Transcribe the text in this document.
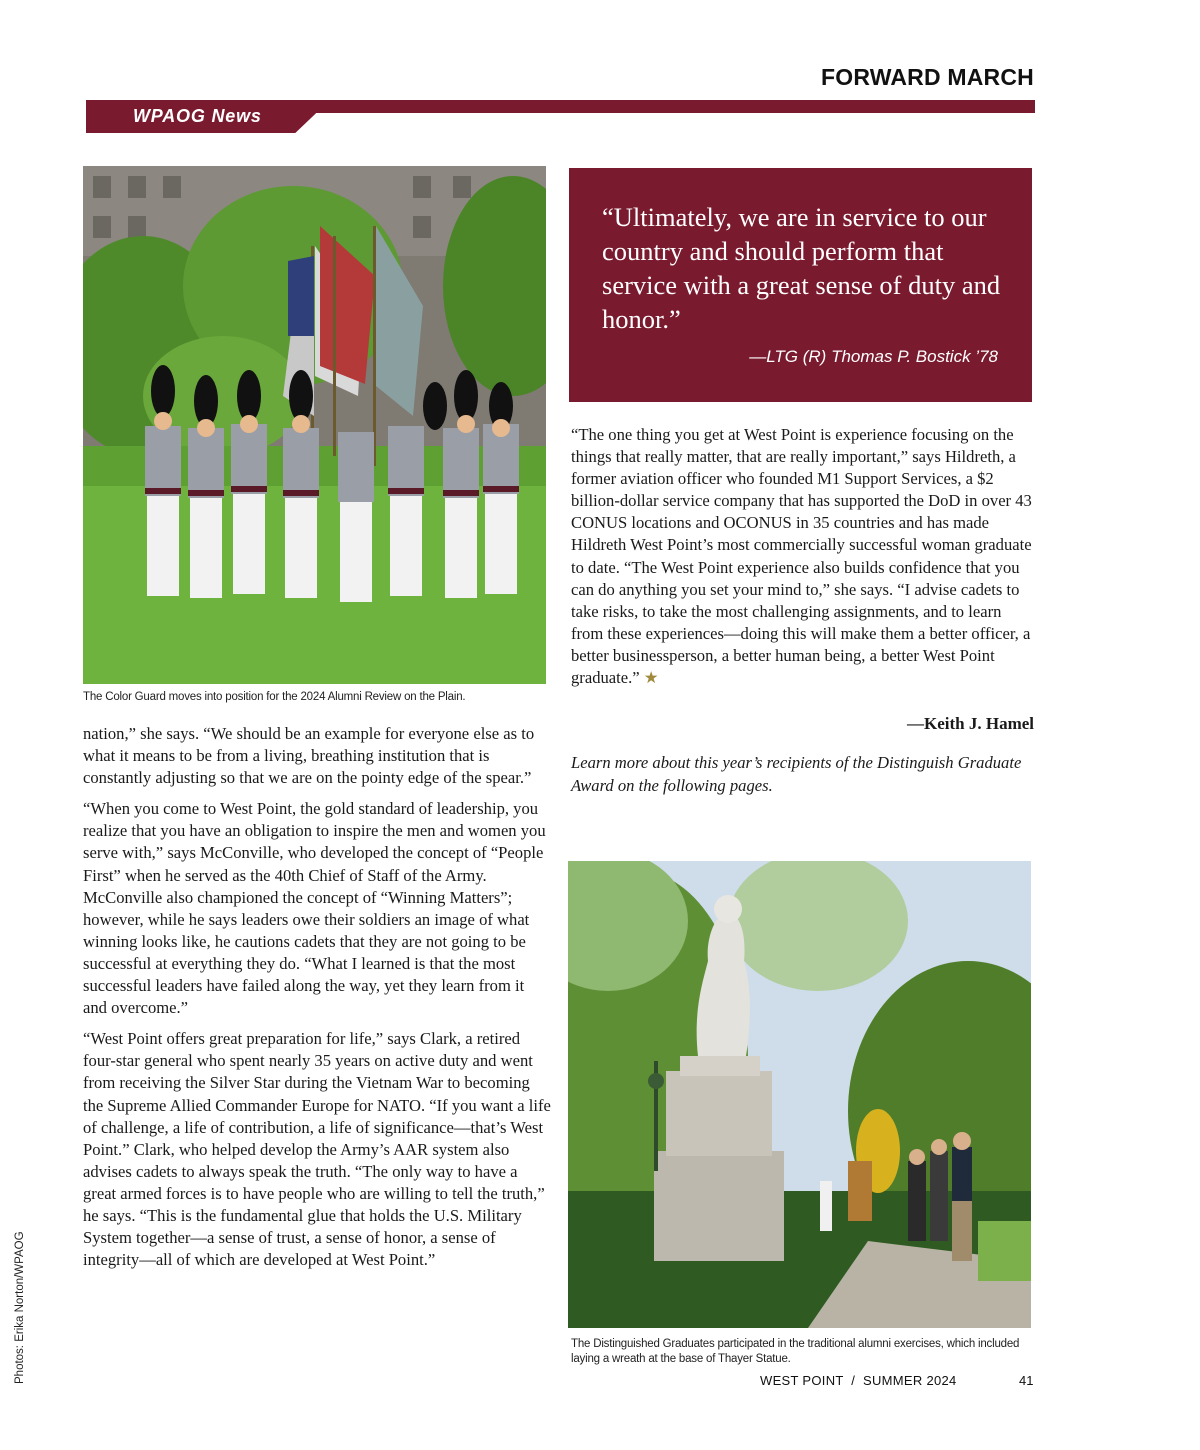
FORWARD MARCH
WPAOG News
The Color Guard moves into position for the 2024 Alumni Review on the Plain.

nation,” she says. “We should be an example for everyone else as to what it means to be from a living, breathing institution that is constantly adjusting so that we are on the pointy edge of the spear.”

“When you come to West Point, the gold standard of leadership, you realize that you have an obligation to inspire the men and women you serve with,” says McConville, who developed the concept of “People First” when he served as the 40th Chief of Staff of the Army. McConville also championed the concept of “Winning Matters”; however, while he says leaders owe their soldiers an image of what winning looks like, he cautions cadets that they are not going to be successful at everything they do. “What I learned is that the most successful leaders have failed along the way, yet they learn from it and overcome.”

“West Point offers great preparation for life,” says Clark, a retired four-star general who spent nearly 35 years on active duty and went from receiving the Silver Star during the Vietnam War to becoming the Supreme Allied Commander Europe for NATO. “If you want a life of challenge, a life of contribution, a life of significance—that’s West Point.” Clark, who helped develop the Army’s AAR system also advises cadets to always speak the truth. “The only way to have a great armed forces is to have people who are willing to tell the truth,” he says. “This is the fundamental glue that holds the U.S. Military System together—a sense of trust, a sense of honor, a sense of integrity—all of which are developed at West Point.”

“Ultimately, we are in service to our country and should perform that service with a great sense of duty and honor.”
—LTG (R) Thomas P. Bostick ’78

“The one thing you get at West Point is experience focusing on the things that really matter, that are really important,” says Hildreth, a former aviation officer who founded M1 Support Services, a $2 billion-dollar service company that has supported the DoD in over 43 CONUS locations and OCONUS in 35 countries and has made Hildreth West Point’s most commercially successful woman graduate to date. “The West Point experience also builds confidence that you can do anything you set your mind to,” she says. “I advise cadets to take risks, to take the most challenging assignments, and to learn from these experiences—doing this will make them a better officer, a better businessperson, a better human being, a better West Point graduate.” ★

—Keith J. Hamel
Learn more about this year’s recipients of the Distinguish Graduate Award on the following pages.
The Distinguished Graduates participated in the traditional alumni exercises, which included laying a wreath at the base of Thayer Statue.
Photos: Erika Norton/WPAOG	WEST POINT  /  SUMMER 2024	41
